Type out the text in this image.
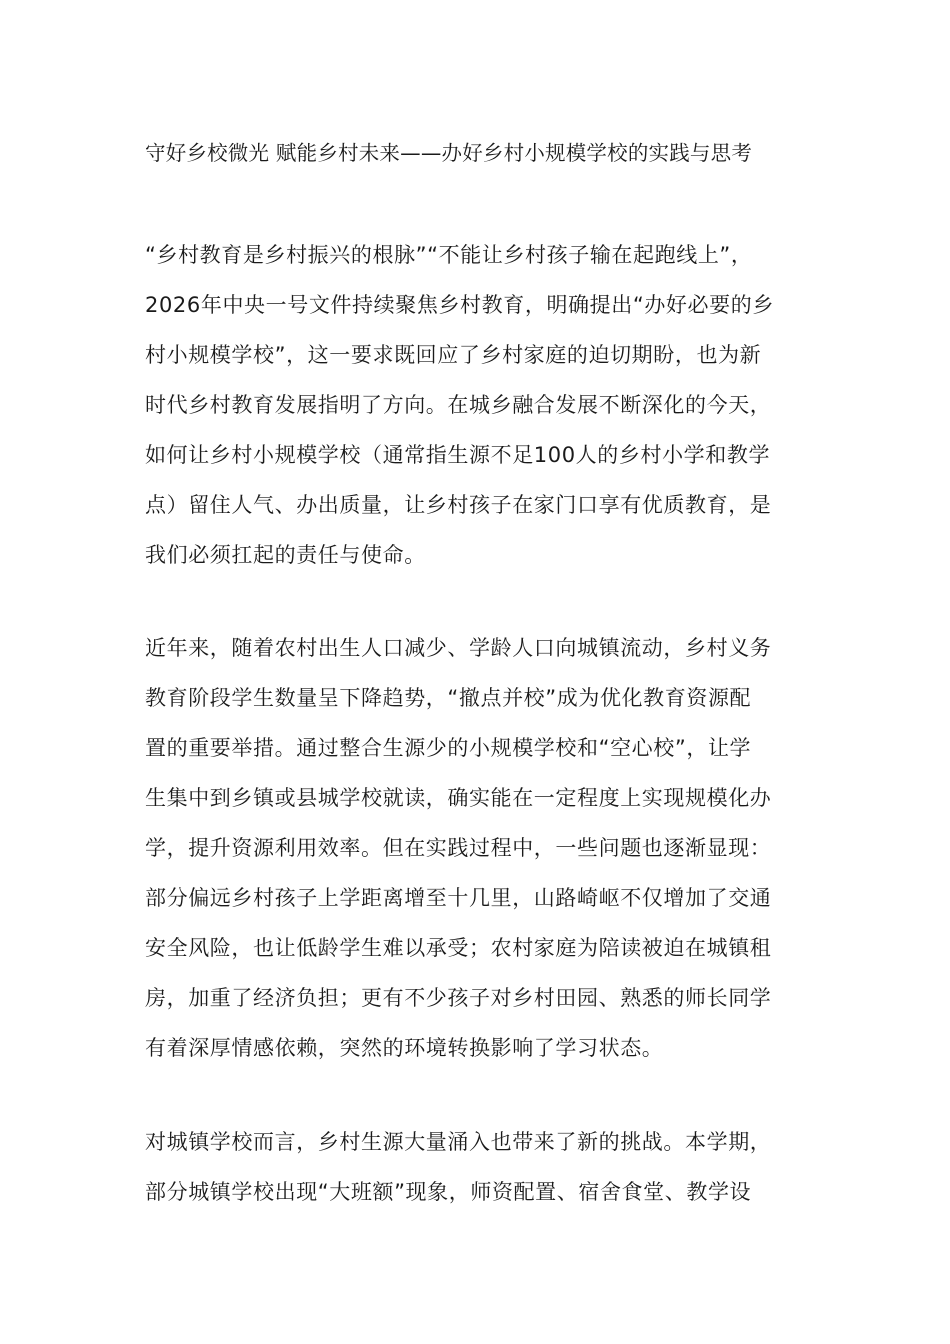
守好乡校微光 赋能乡村未来——办好乡村小规模学校的实践与思考
“乡村教育是乡村振兴的根脉”“不能让乡村孩子输在起跑线上”，
2026年中央一号文件持续聚焦乡村教育，明确提出“办好必要的乡
村小规模学校”，这一要求既回应了乡村家庭的迫切期盼，也为新
时代乡村教育发展指明了方向。在城乡融合发展不断深化的今天，
如何让乡村小规模学校（通常指生源不足100人的乡村小学和教学
点）留住人气、办出质量，让乡村孩子在家门口享有优质教育，是
我们必须扛起的责任与使命。
近年来，随着农村出生人口减少、学龄人口向城镇流动，乡村义务
教育阶段学生数量呈下降趋势，“撤点并校”成为优化教育资源配
置的重要举措。通过整合生源少的小规模学校和“空心校”，让学
生集中到乡镇或县城学校就读，确实能在一定程度上实现规模化办
学，提升资源利用效率。但在实践过程中，一些问题也逐渐显现：
部分偏远乡村孩子上学距离增至十几里，山路崎岖不仅增加了交通
安全风险，也让低龄学生难以承受；农村家庭为陪读被迫在城镇租
房，加重了经济负担；更有不少孩子对乡村田园、熟悉的师长同学
有着深厚情感依赖，突然的环境转换影响了学习状态。
对城镇学校而言，乡村生源大量涌入也带来了新的挑战。本学期，
部分城镇学校出现“大班额”现象，师资配置、宿舍食堂、教学设
